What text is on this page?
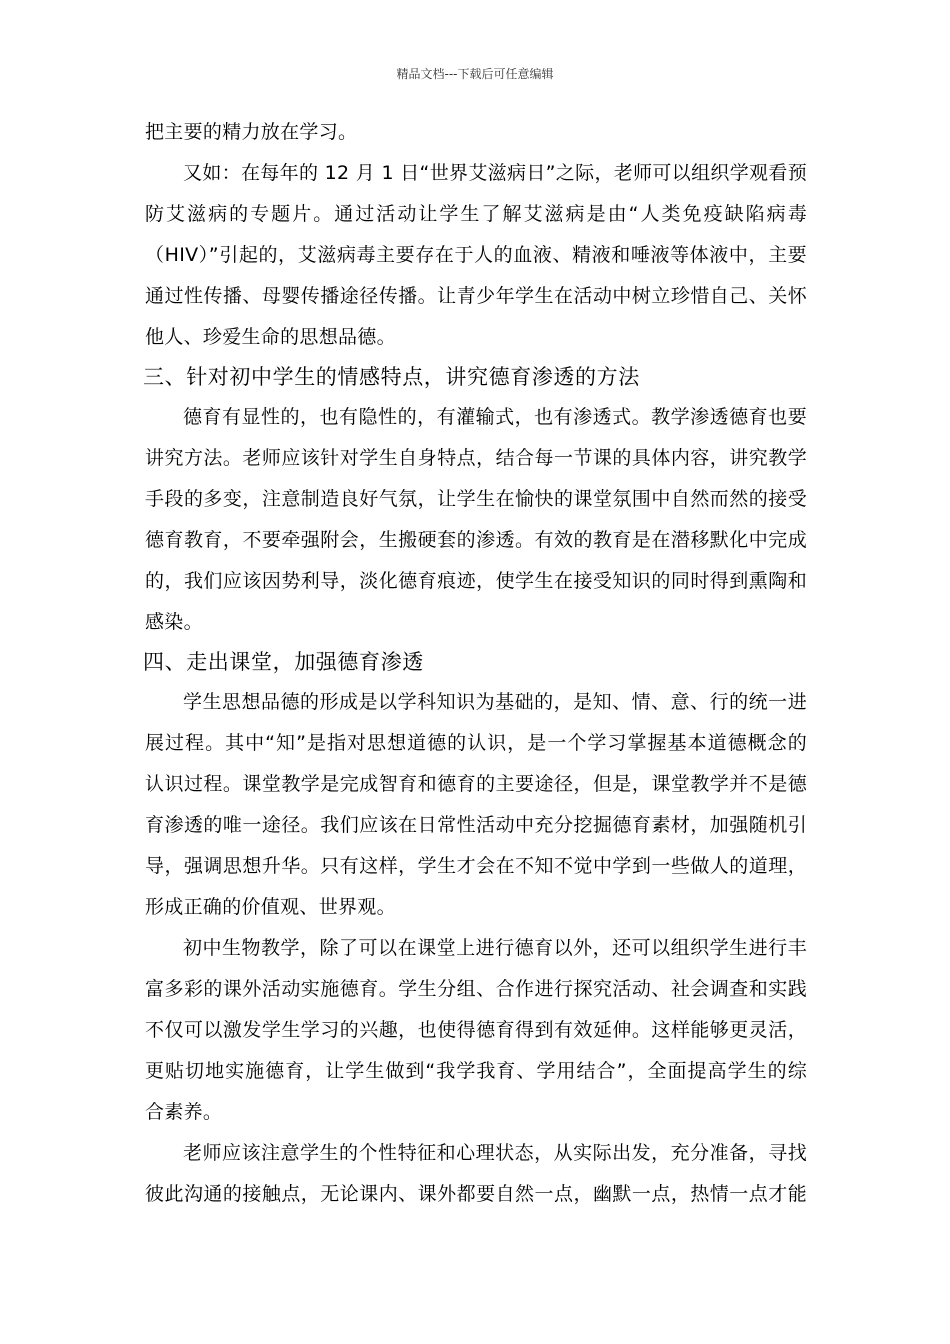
精品文档---下载后可任意编辑
把主要的精力放在学习。
又如：在每年的 12 月 1 日“世界艾滋病日”之际，老师可以组织学观看预
防艾滋病的专题片。通过活动让学生了解艾滋病是由“人类免疫缺陷病毒
（HIV）”引起的，艾滋病毒主要存在于人的血液、精液和唾液等体液中，主要
通过性传播、母婴传播途径传播。让青少年学生在活动中树立珍惜自己、关怀
他人、珍爱生命的思想品德。
三、针对初中学生的情感特点，讲究德育渗透的方法
德育有显性的，也有隐性的，有灌输式，也有渗透式。教学渗透德育也要
讲究方法。老师应该针对学生自身特点，结合每一节课的具体内容，讲究教学
手段的多变，注意制造良好气氛，让学生在愉快的课堂氛围中自然而然的接受
德育教育，不要牵强附会，生搬硬套的渗透。有效的教育是在潜移默化中完成
的，我们应该因势利导，淡化德育痕迹，使学生在接受知识的同时得到熏陶和
感染。
四、走出课堂，加强德育渗透
学生思想品德的形成是以学科知识为基础的，是知、情、意、行的统一进
展过程。其中“知”是指对思想道德的认识，是一个学习掌握基本道德概念的
认识过程。课堂教学是完成智育和德育的主要途径，但是，课堂教学并不是德
育渗透的唯一途径。我们应该在日常性活动中充分挖掘德育素材，加强随机引
导，强调思想升华。只有这样，学生才会在不知不觉中学到一些做人的道理，
形成正确的价值观、世界观。
初中生物教学，除了可以在课堂上进行德育以外，还可以组织学生进行丰
富多彩的课外活动实施德育。学生分组、合作进行探究活动、社会调查和实践
不仅可以激发学生学习的兴趣，也使得德育得到有效延伸。这样能够更灵活，
更贴切地实施德育，让学生做到“我学我育、学用结合”，全面提高学生的综
合素养。
老师应该注意学生的个性特征和心理状态，从实际出发，充分准备，寻找
彼此沟通的接触点，无论课内、课外都要自然一点，幽默一点，热情一点才能
